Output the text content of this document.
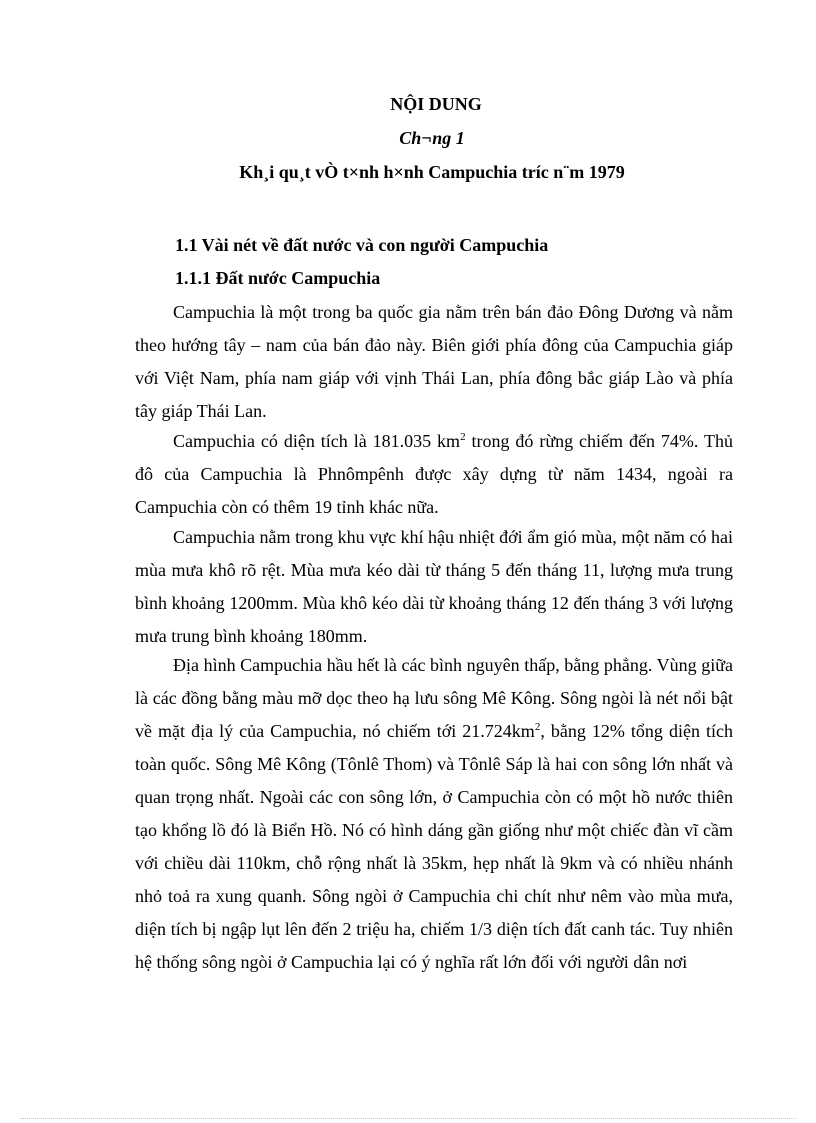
NỘI DUNG
Ch¬ng 1
Kh¸i qu¸t vÒ t×nh h×nh Campuchia tríc n¨m 1979
1.1 Vài nét về đất nước và con người Campuchia
1.1.1 Đất nước Campuchia

Campuchia là một trong ba quốc gia nằm trên bán đảo Đông Dương và nằm theo hướng tây – nam của bán đảo này. Biên giới phía đông của Campuchia giáp với Việt Nam, phía nam giáp với vịnh Thái Lan, phía đông bắc giáp Lào và phía tây giáp Thái Lan.

Campuchia có diện tích là 181.035 $km^2$ trong đó rừng chiếm đến 74%. Thủ đô của Campuchia là Phnômpênh được xây dựng từ năm 1434, ngoài ra Campuchia còn có thêm 19 tỉnh khác nữa.

Campuchia nằm trong khu vực khí hậu nhiệt đới ẩm gió mùa, một năm có hai mùa mưa khô rõ rệt. Mùa mưa kéo dài từ tháng 5 đến tháng 11, lượng mưa trung bình khoảng 1200mm. Mùa khô kéo dài từ khoảng tháng 12 đến tháng 3 với lượng mưa trung bình khoảng 180mm.

Địa hình Campuchia hầu hết là các bình nguyên thấp, bằng phẳng. Vùng giữa là các đồng bằng màu mỡ dọc theo hạ lưu sông Mê Kông. Sông ngòi là nét nổi bật về mặt địa lý của Campuchia, nó chiếm tới $21.724km^2$, bằng 12% tổng diện tích toàn quốc. Sông Mê Kông (Tônlê Thom) và Tônlê Sáp là hai con sông lớn nhất và quan trọng nhất. Ngoài các con sông lớn, ở Campuchia còn có một hồ nước thiên tạo khổng lồ đó là Biển Hồ. Nó có hình dáng gần giống như một chiếc đàn vĩ cầm với chiều dài 110km, chỗ rộng nhất là 35km, hẹp nhất là 9km và có nhiều nhánh nhỏ toả ra xung quanh. Sông ngòi ở Campuchia chi chít như nêm vào mùa mưa, diện tích bị ngập lụt lên đến 2 triệu ha, chiếm 1/3 diện tích đất canh tác. Tuy nhiên hệ thống sông ngòi ở Campuchia lại có ý nghĩa rất lớn đối với người dân nơi
